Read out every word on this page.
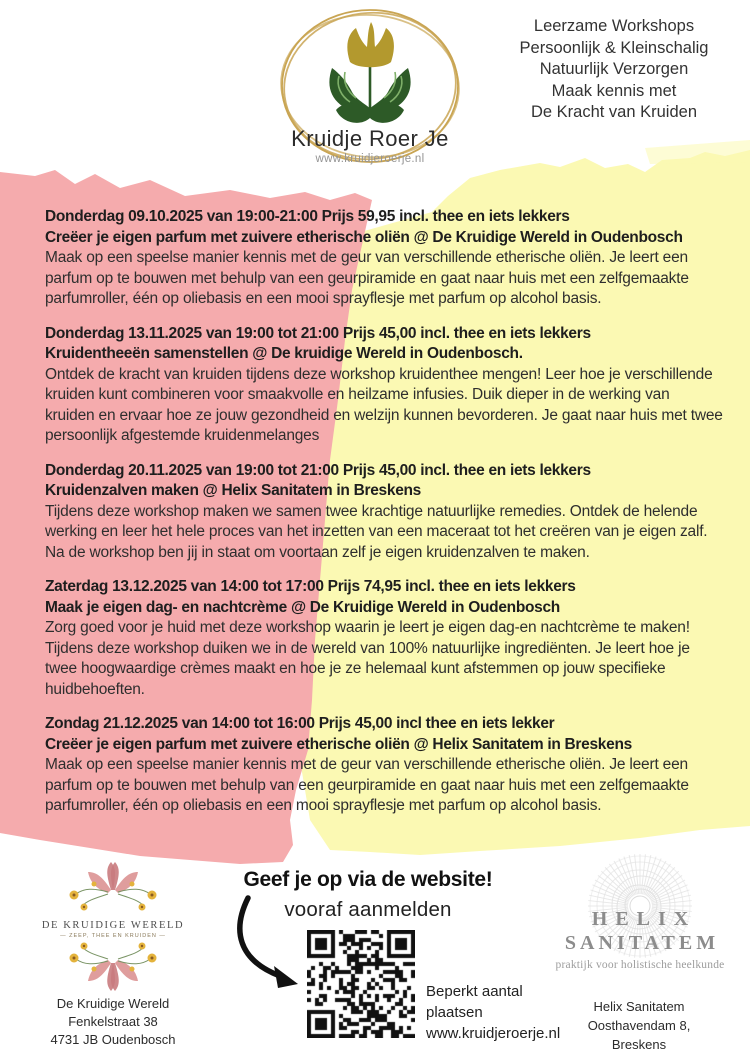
Kruidje Roer Je
www.kruidjeroerje.nl
Leerzame Workshops
Persoonlijk & Kleinschalig
Natuurlijk Verzorgen
Maak kennis met
De Kracht van Kruiden
Donderdag 09.10.2025 van 19:00-21:00 Prijs 59,95 incl. thee en iets lekkers
Creëer je eigen parfum met zuivere etherische oliën @ De Kruidige Wereld in Oudenbosch
Maak op een speelse manier kennis met de geur van verschillende etherische oliën. Je leert een parfum op te bouwen met behulp van een geurpiramide en gaat naar huis met een zelfgemaakte parfumroller, één op oliebasis en een mooi sprayflesje met parfum op alcohol basis.
Donderdag 13.11.2025 van 19:00 tot 21:00 Prijs 45,00 incl. thee en iets lekkers
Kruidentheeën samenstellen @ De kruidige Wereld in Oudenbosch.
Ontdek de kracht van kruiden tijdens deze workshop kruidenthee mengen! Leer hoe je verschillende kruiden kunt combineren voor smaakvolle en heilzame infusies. Duik dieper in de werking van kruiden en ervaar hoe ze jouw gezondheid en welzijn kunnen bevorderen. Je gaat naar huis met twee persoonlijk afgestemde kruidenmelanges
Donderdag 20.11.2025 van 19:00 tot 21:00 Prijs 45,00 incl. thee en iets lekkers
Kruidenzalven maken @ Helix Sanitatem in Breskens
Tijdens deze workshop maken we samen twee krachtige natuurlijke remedies. Ontdek de helende werking en leer het hele proces van het inzetten van een maceraat tot het creëren van je eigen zalf. Na de workshop ben jij in staat om voortaan zelf je eigen kruidenzalven te maken.
Zaterdag 13.12.2025 van 14:00 tot 17:00 Prijs 74,95 incl. thee en iets lekkers
Maak je eigen dag- en nachtcrème @ De Kruidige Wereld in Oudenbosch
Zorg goed voor je huid met deze workshop waarin je leert je eigen dag-en nachtcrème te maken! Tijdens deze workshop duiken we in de wereld van 100% natuurlijke ingrediënten. Je leert hoe je twee hoogwaardige crèmes maakt en hoe je ze helemaal kunt afstemmen op jouw specifieke huidbehoeften.
Zondag 21.12.2025 van 14:00 tot 16:00 Prijs 45,00 incl thee en iets lekker
Creëer je eigen parfum met zuivere etherische oliën @ Helix Sanitatem in Breskens
Maak op een speelse manier kennis met de geur van verschillende etherische oliën. Je leert een parfum op te bouwen met behulp van een geurpiramide en gaat naar huis met een zelfgemaakte parfumroller, één op oliebasis en een mooi sprayflesje met parfum op alcohol basis.
DE KRUIDIGE WERELD
— ZEEP, THEE EN KRUIDEN —
De Kruidige Wereld
Fenkelstraat 38
4731 JB Oudenbosch
Geef je op via de website!
vooraf aanmelden
Beperkt aantal
plaatsen
www.kruidjeroerje.nl
HELIX
SANITATEM
praktijk voor holistische heelkunde
Helix Sanitatem
Oosthavendam 8,
Breskens
